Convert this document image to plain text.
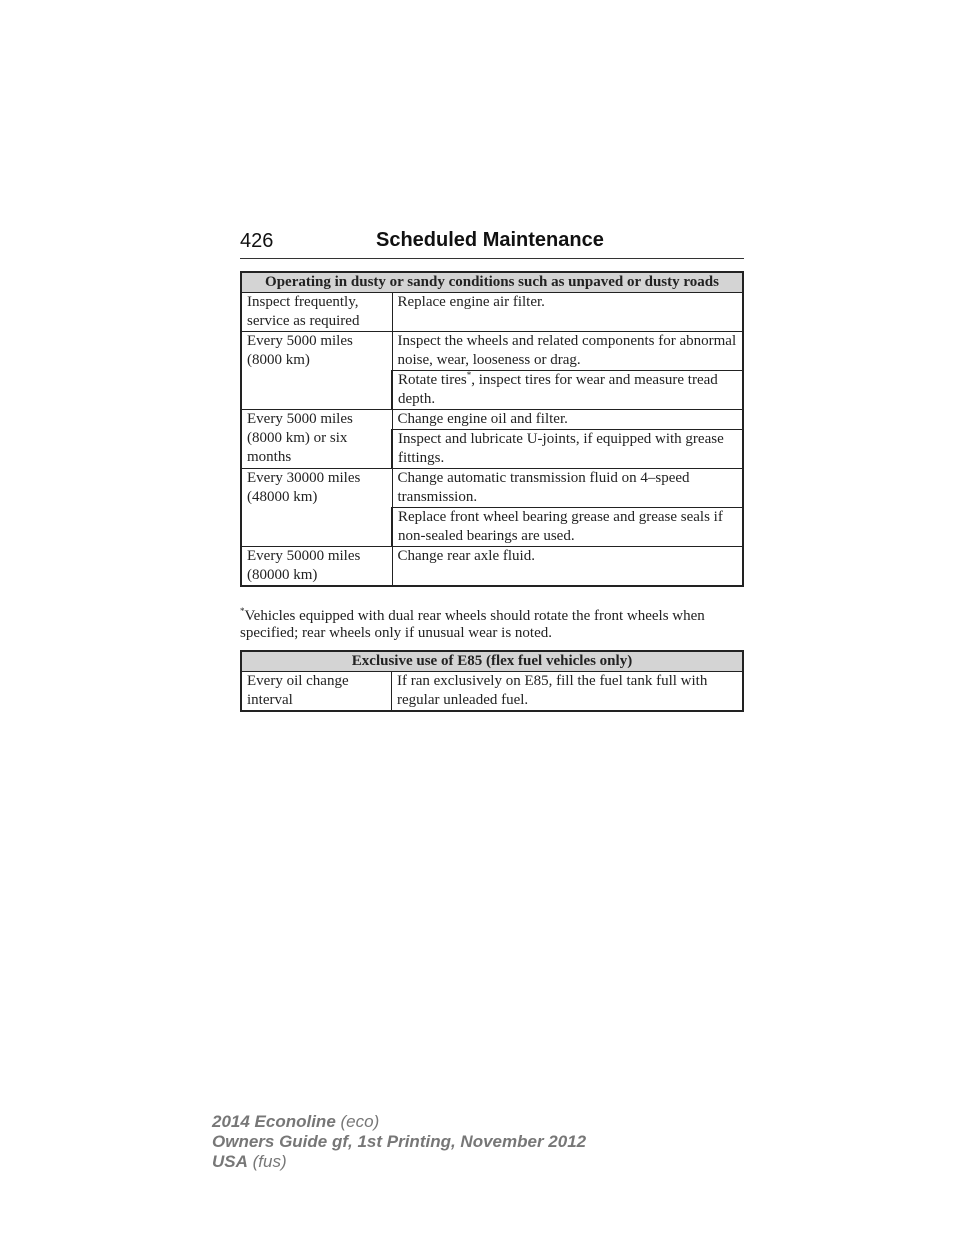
426	Scheduled Maintenance
Operating in dusty or sandy conditions such as unpaved or dusty roads	
Inspect frequently, service as required	Replace engine air filter.
Every 5000 miles (8000 km)	Inspect the wheels and related components for abnormal noise, wear, looseness or drag.
	Rotate tires*, inspect tires for wear and measure tread depth.
Every 5000 miles (8000 km) or six months	Change engine oil and filter.
	Inspect and lubricate U-joints, if equipped with grease fittings.
Every 30000 miles (48000 km)	Change automatic transmission fluid on 4–speed transmission.
	Replace front wheel bearing grease and grease seals if non-sealed bearings are used.
Every 50000 miles (80000 km)	Change rear axle fluid.
*Vehicles equipped with dual rear wheels should rotate the front wheels when specified; rear wheels only if unusual wear is noted.
Exclusive use of E85 (flex fuel vehicles only)
Every oil change interval	If ran exclusively on E85, fill the fuel tank full with regular unleaded fuel.
2014 Econoline (eco)
Owners Guide gf, 1st Printing, November 2012
USA (fus)
